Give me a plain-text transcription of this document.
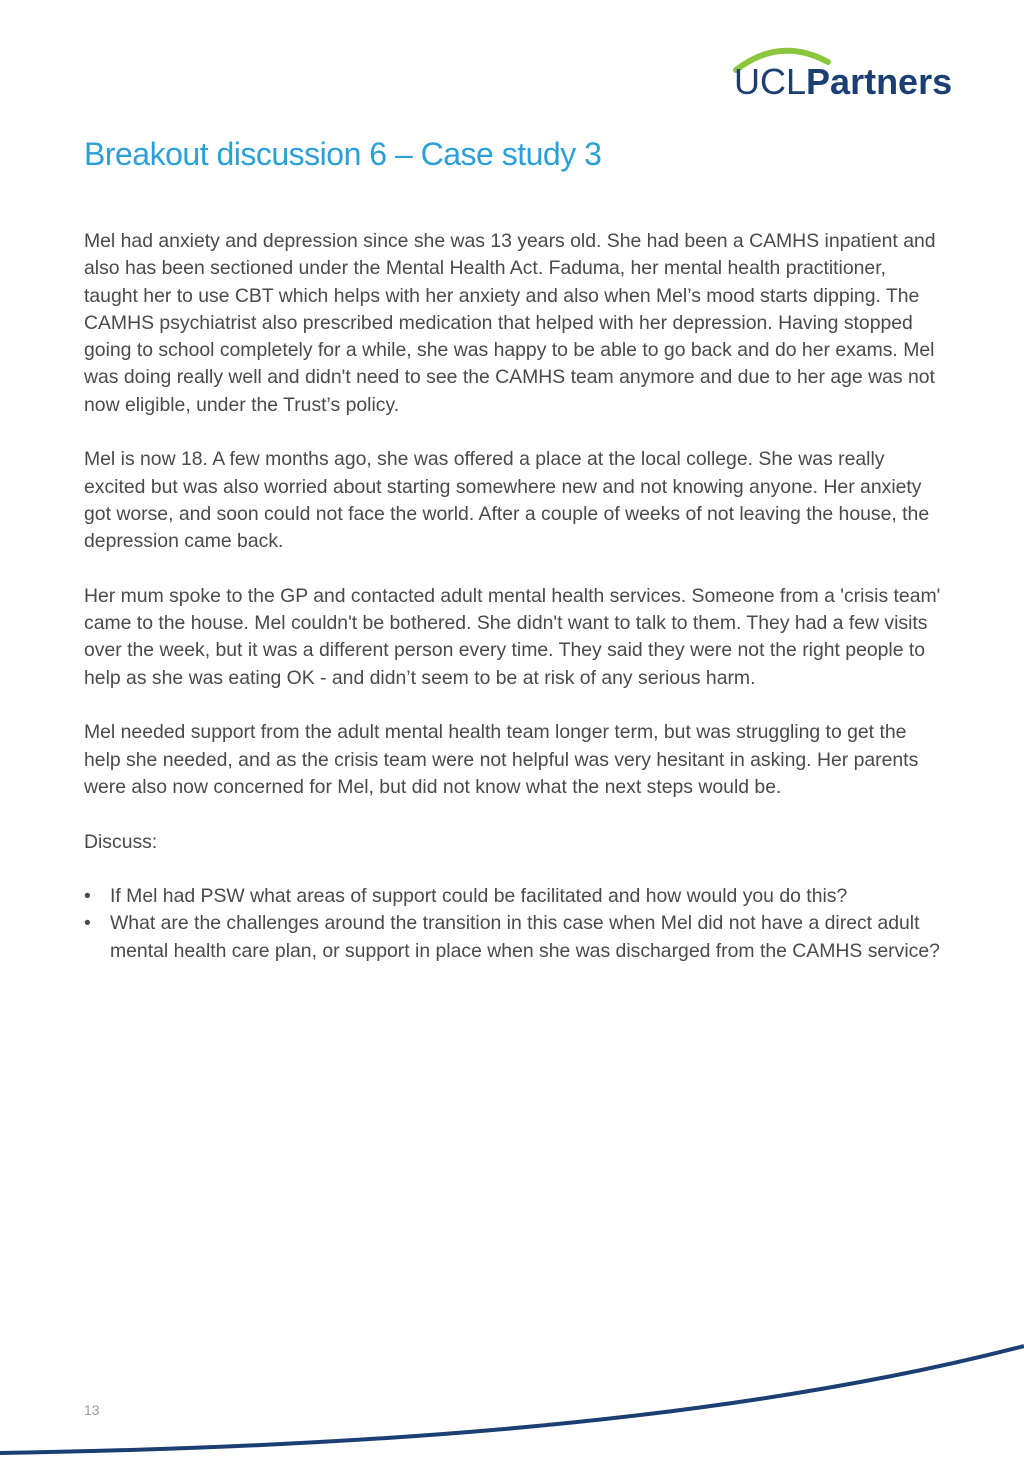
UCLPartners
Breakout discussion 6 – Case study 3

Mel had anxiety and depression since she was 13 years old. She had been a CAMHS inpatient and also has been sectioned under the Mental Health Act. Faduma, her mental health practitioner, taught her to use CBT which helps with her anxiety and also when Mel’s mood starts dipping. The CAMHS psychiatrist also prescribed medication that helped with her depression. Having stopped going to school completely for a while, she was happy to be able to go back and do her exams. Mel was doing really well and didn't need to see the CAMHS team anymore and due to her age was not now eligible, under the Trust’s policy.

Mel is now 18. A few months ago, she was offered a place at the local college. She was really excited but was also worried about starting somewhere new and not knowing anyone. Her anxiety got worse, and soon could not face the world. After a couple of weeks of not leaving the house, the depression came back.

Her mum spoke to the GP and contacted adult mental health services. Someone from a 'crisis team' came to the house. Mel couldn't be bothered. She didn't want to talk to them. They had a few visits over the week, but it was a different person every time. They said they were not the right people to help as she was eating OK - and didn’t seem to be at risk of any serious harm.

Mel needed support from the adult mental health team longer term, but was struggling to get the help she needed, and as the crisis team were not helpful was very hesitant in asking. Her parents were also now concerned for Mel, but did not know what the next steps would be.

Discuss:
• If Mel had PSW what areas of support could be facilitated and how would you do this?
• What are the challenges around the transition in this case when Mel did not have a direct adult mental health care plan, or support in place when she was discharged from the CAMHS service?
13
